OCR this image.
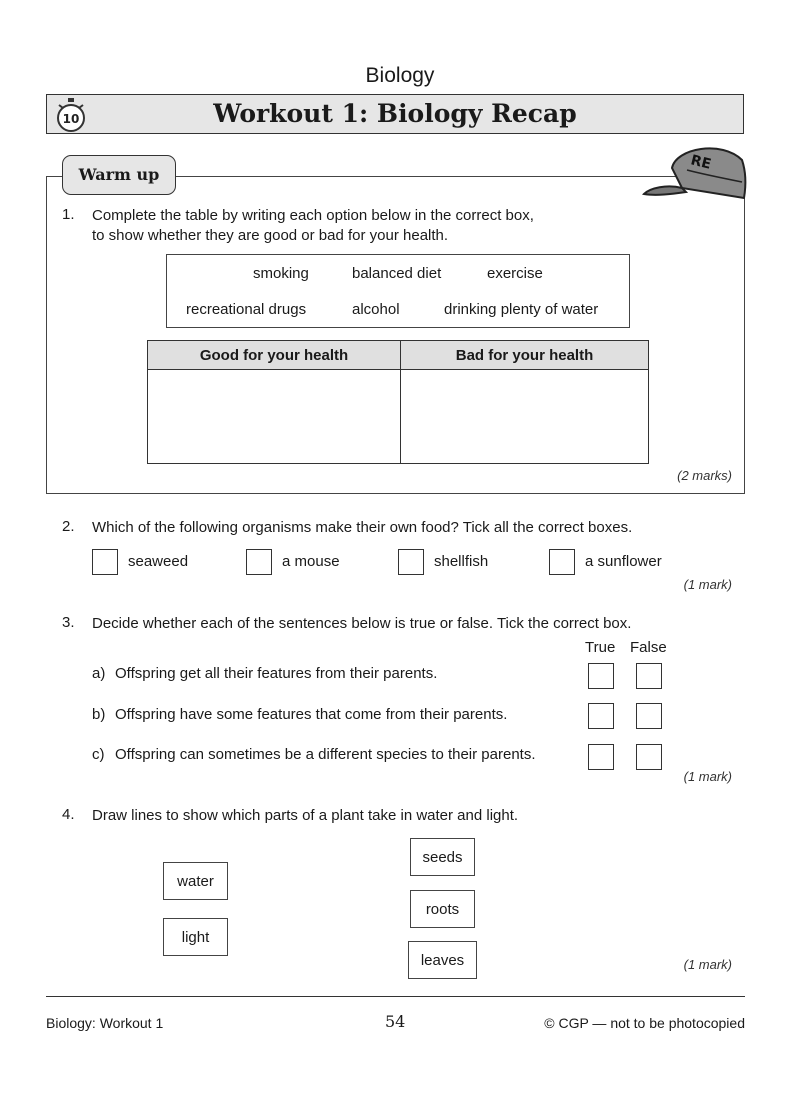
Biology
Workout 1: Biology Recap
10
Warm up
RE
1. Complete the table by writing each option below in the correct box,
to show whether they are good or bad for your health.
smoking	balanced diet	exercise
recreational drugs	alcohol	drinking plenty of water
Good for your health	Bad for your health

(2 marks)
2. Which of the following organisms make their own food? Tick all the correct boxes.
seaweed	a mouse	shellfish	a sunflower
(1 mark)
3. Decide whether each of the sentences below is true or false. Tick the correct box.
True False
a) Offspring get all their features from their parents.
b) Offspring have some features that come from their parents.
c) Offspring can sometimes be a different species to their parents.
(1 mark)
4. Draw lines to show which parts of a plant take in water and light.
water
light
seeds
roots
leaves	(1 mark)
Biology: Workout 1	54	© CGP — not to be photocopied
